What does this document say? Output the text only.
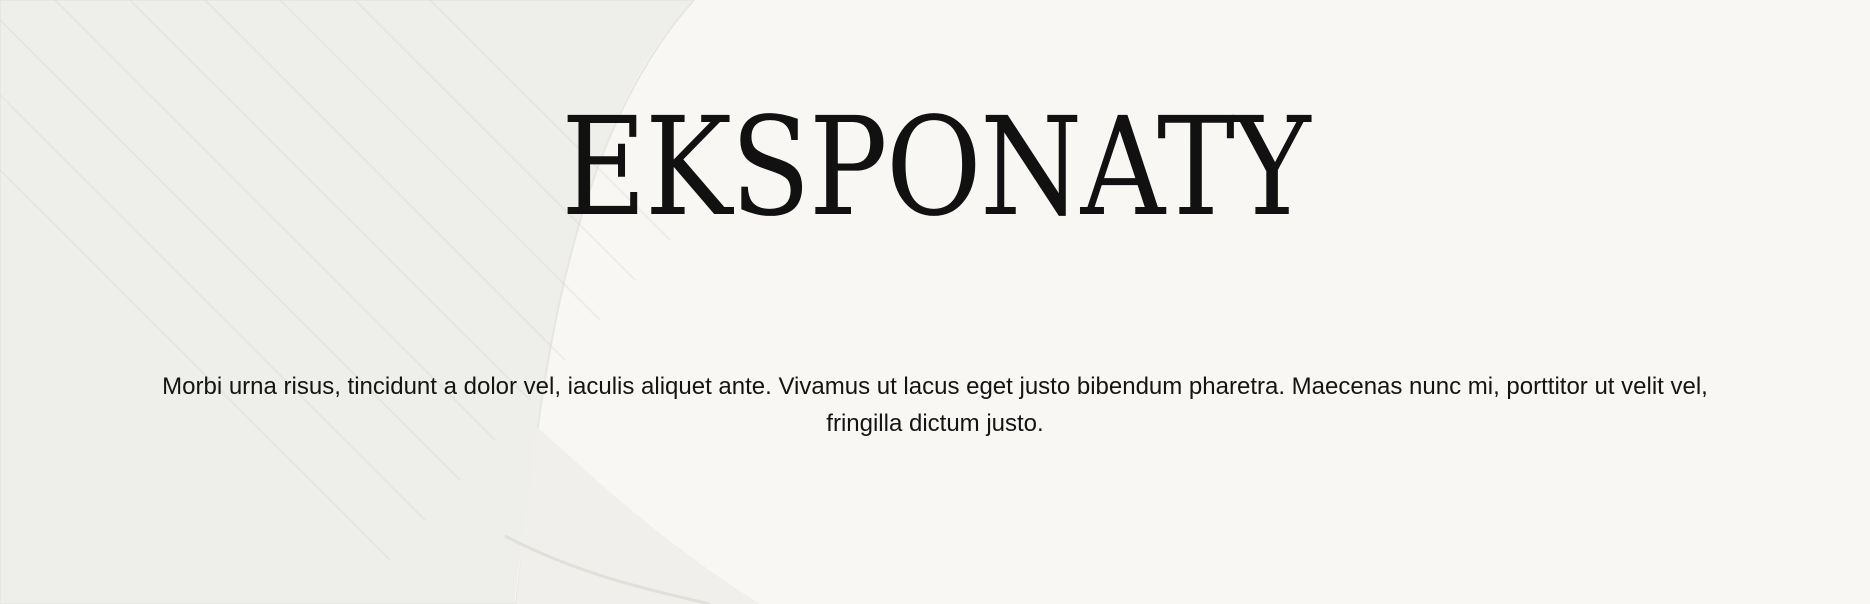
EKSPONATY

Morbi urna risus, tincidunt a dolor vel, iaculis aliquet ante. Vivamus ut lacus eget justo bibendum pharetra. Maecenas nunc mi, porttitor ut velit vel, fringilla dictum justo.
